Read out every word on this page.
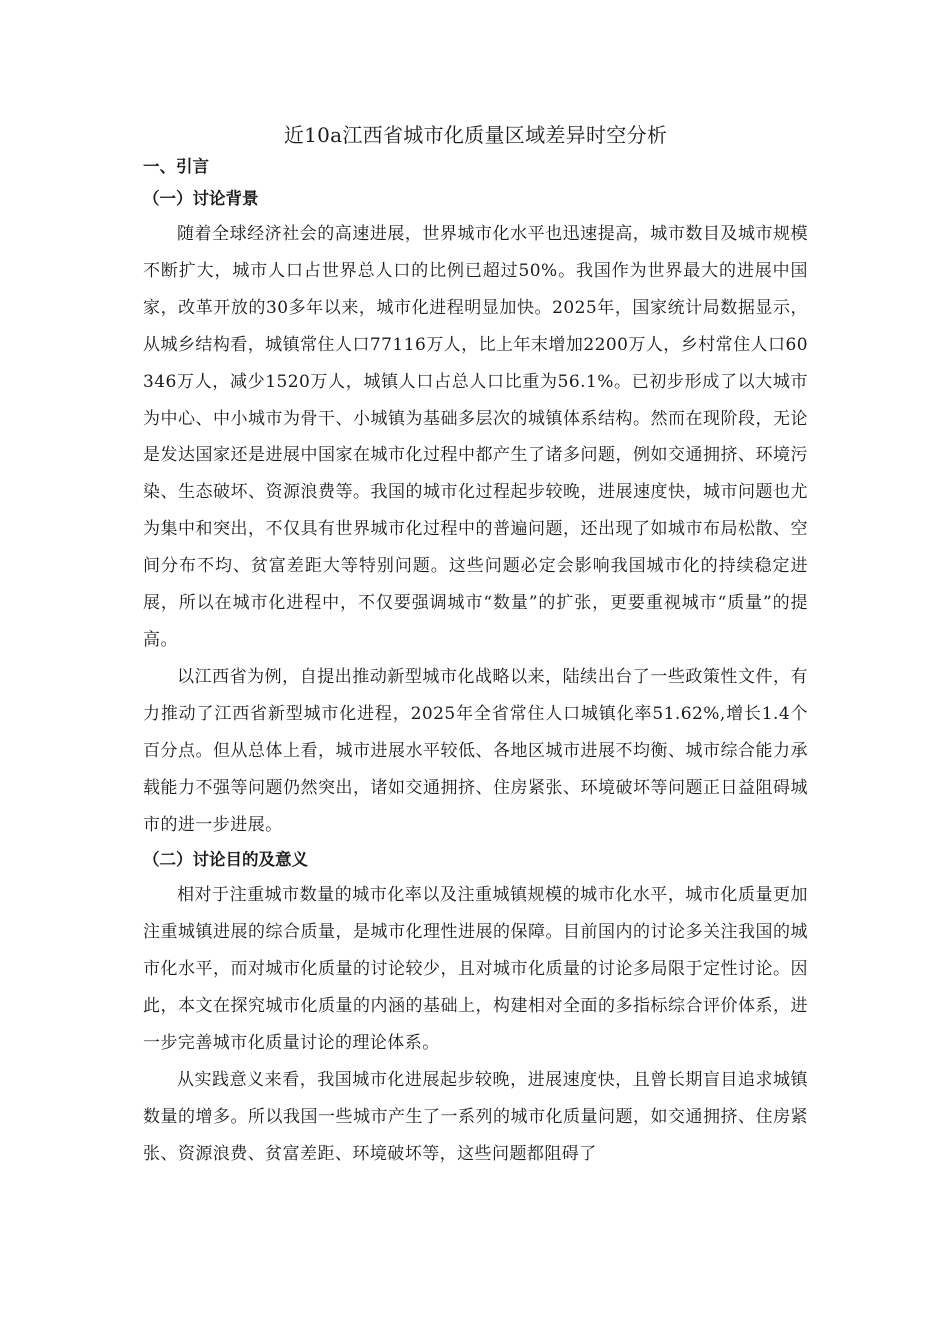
近10a江西省城市化质量区域差异时空分析
一、引言
（一）讨论背景

随着全球经济社会的高速进展，世界城市化水平也迅速提高，城市数目及城市规模不断扩大，城市人口占世界总人口的比例已超过50%。我国作为世界最大的进展中国家，改革开放的30多年以来，城市化进程明显加快。2025年，国家统计局数据显示，从城乡结构看，城镇常住人口77116万人，比上年末增加2200万人，乡村常住人口60346万人，减少1520万人，城镇人口占总人口比重为56.1%。已初步形成了以大城市为中心、中小城市为骨干、小城镇为基础多层次的城镇体系结构。然而在现阶段，无论是发达国家还是进展中国家在城市化过程中都产生了诸多问题，例如交通拥挤、环境污染、生态破坏、资源浪费等。我国的城市化过程起步较晚，进展速度快，城市问题也尤为集中和突出，不仅具有世界城市化过程中的普遍问题，还出现了如城市布局松散、空间分布不均、贫富差距大等特别问题。这些问题必定会影响我国城市化的持续稳定进展，所以在城市化进程中，不仅要强调城市“数量”的扩张，更要重视城市“质量”的提高。

以江西省为例，自提出推动新型城市化战略以来，陆续出台了一些政策性文件，有力推动了江西省新型城市化进程，2025年全省常住人口城镇化率51.62%,增长1.4个百分点。但从总体上看，城市进展水平较低、各地区城市进展不均衡、城市综合能力承载能力不强等问题仍然突出，诸如交通拥挤、住房紧张、环境破坏等问题正日益阻碍城市的进一步进展。

（二）讨论目的及意义

相对于注重城市数量的城市化率以及注重城镇规模的城市化水平，城市化质量更加注重城镇进展的综合质量，是城市化理性进展的保障。目前国内的讨论多关注我国的城市化水平，而对城市化质量的讨论较少，且对城市化质量的讨论多局限于定性讨论。因此，本文在探究城市化质量的内涵的基础上，构建相对全面的多指标综合评价体系，进一步完善城市化质量讨论的理论体系。

从实践意义来看，我国城市化进展起步较晚，进展速度快，且曾长期盲目追求城镇数量的增多。所以我国一些城市产生了一系列的城市化质量问题，如交通拥挤、住房紧张、资源浪费、贫富差距、环境破坏等，这些问题都阻碍了
